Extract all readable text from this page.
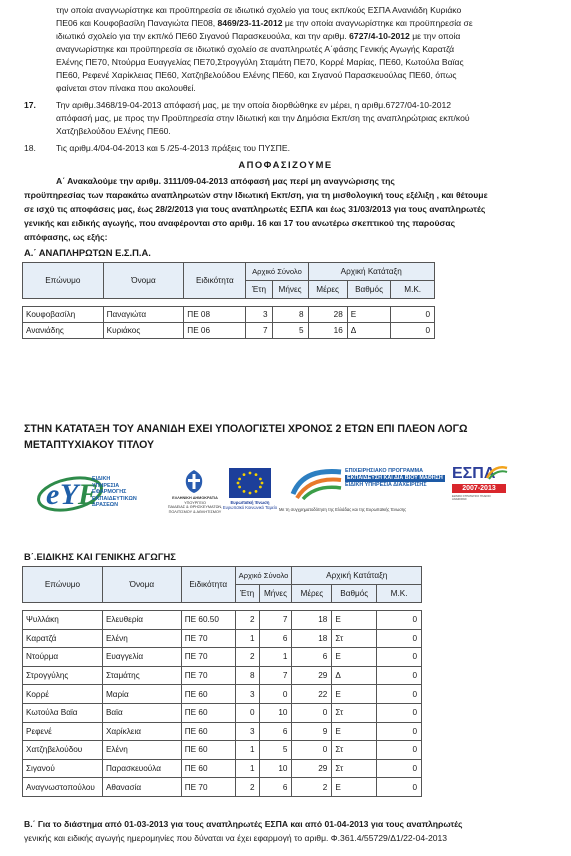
την οποία αναγνωρίστηκε και προϋπηρεσία σε ιδιωτικό σχολείο για τους εκπ/κούς ΕΣΠΑ Ανανιάδη Κυριάκο
ΠΕ06 και Κουφοβασίλη Παναγιώτα ΠΕ08, 8469/23-11-2012 με την οποία αναγνωρίστηκε και προϋπηρεσία σε
ιδιωτικό σχολείο για την εκπ/κό ΠΕ60 Σιγανού Παρασκευούλα, και την αριθμ. 6727/4-10-2012 με την οποία
αναγνωρίστηκε και προϋπηρεσία σε ιδιωτικό σχολείο σε αναπληρωτές Α΄φάσης Γενικής Αγωγής Καρατζά
Ελένης ΠΕ70, Ντούρμα Ευαγγελίας ΠΕ70,Στρογγύλη Σταμάτη ΠΕ70, Κορρέ Μαρίας, ΠΕ60, Κωτούλα Βαϊας
ΠΕ60, Ρεφενέ Χαρίκλειας ΠΕ60, Χατζηβελούδου Ελένης ΠΕ60, και Σιγανού Παρασκευούλας ΠΕ60, όπως
φαίνεται στον πίνακα που ακολουθεί.
17. Την αριθμ.3468/19-04-2013 απόφασή μας, με την οποία διορθώθηκε εν μέρει, η αριθμ.6727/04-10-2012
απόφασή μας, με προς την Προϋπηρεσία στην Ιδιωτική και την Δημόσια Εκπ/ση της αναπληρώτριας εκπ/κού
Χατζηβελούδου Ελένης ΠΕ60.
18. Τις αριθμ.4/04-04-2013 και 5 /25-4-2013 πράξεις του ΠΥΣΠΕ.
ΑΠΟΦΑΣΙΖΟΥΜΕ
Α΄ Ανακαλούμε την αριθμ. 3111/09-04-2013 απόφασή μας περί μη αναγνώρισης της
προϋπηρεσίας των παρακάτω αναπληρωτών στην Ιδιωτική Εκπ/ση, για τη μισθολογική τους εξέλιξη , και θέτουμε
σε ισχύ τις αποφάσεις μας, έως 28/2/2013 για τους αναπληρωτές ΕΣΠΑ και έως 31/03/2013 για τους αναπληρωτές
γενικής και ειδικής αγωγής, που αναφέρονται στο αριθμ. 16 και 17 του ανωτέρω σκεπτικού της παρούσας
απόφασης, ως εξής:
Α.΄ ΑΝΑΠΛΗΡΩΤΩΝ Ε.Σ.Π.Α.
Επώνυμο	Όνομα	Ειδικότητα	Αρχικό Σύνολο		Αρχική Κατάταξη		
			Έτη	Μήνες	Μέρες	Βαθμός	Μ.Κ.

Κουφοβασίλη	Παναγιώτα	ΠΕ 08	3	8	28	Ε	0
Ανανιάδης	Κυριάκος	ΠΕ 06	7	5	16	Δ	0
ΣΤΗΝ ΚΑΤΑΤΑΞΗ ΤΟΥ ΑΝΑΝΙΔΗ ΕΧΕΙ ΥΠΟΛΟΓΙΣΤΕΙ ΧΡΟΝΟΣ 2 ΕΤΩΝ ΕΠΙ ΠΛΕΟΝ ΛΟΓΩ
ΜΕΤΑΠΤΥΧΙΑΚΟΥ ΤΙΤΛΟΥ
e Υ Ε
ΕΙΔΙΚΗ
ΥΠΗΡΕΣΙΑ
ΕΦΑΡΜΟΓΗΣ
ΕΚΠΑΙΔΕΥΤΙΚΩΝ
ΔΡΑΣΕΩΝ
ΕΛΛΗΝΙΚΗ ΔΗΜΟΚΡΑΤΙΑ
ΥΠΟΥΡΓΕΙΟ
ΠΑΙΔΕΙΑΣ & ΘΡΗΣΚΕΥΜΑΤΩΝ,
ΠΟΛΙΤΙΣΜΟΥ & ΑΘΛΗΤΙΣΜΟΥ
Ευρωπαϊκή Ένωση
Ευρωπαϊκό Κοινωνικό Ταμείο
ΕΠΙΧΕΙΡΗΣΙΑΚΟ ΠΡΟΓΡΑΜΜΑ
ΕΚΠΑΙΔΕΥΣΗ ΚΑΙ ΔΙΑ ΒΙΟΥ ΜΑΘΗΣΗ
ΕΙΔΙΚΗ ΥΠΗΡΕΣΙΑ ΔΙΑΧΕΙΡΙΣΗΣ
Με τη συγχρηματοδότηση της Ελλάδας και της Ευρωπαϊκής Ένωσης
ΕΣΠΑ
2007-2013
ΕΘΝΙΚΟ ΣΤΡΑΤΗΓΙΚΟ ΠΛΑΙΣΙΟ ΑΝΑΦΟΡΑΣ
Β΄.ΕΙΔΙΚΗΣ ΚΑΙ ΓΕΝΙΚΗΣ ΑΓΩΓΗΣ
Επώνυμο	Όνομα	Ειδικότητα	Αρχικό Σύνολο		Αρχική Κατάταξη		
			Έτη	Μήνες	Μέρες	Βαθμός	Μ.Κ.

Ψυλλάκη	Ελευθερία	ΠΕ 60.50	2	7	18	Ε	0
Καρατζά	Ελένη	ΠΕ 70	1	6	18	Στ	0
Ντούρμα	Ευαγγελία	ΠΕ 70	2	1	6	Ε	0
Στρογγύλης	Σταμάτης	ΠΕ 70	8	7	29	Δ	0
Κορρέ	Μαρία	ΠΕ 60	3	0	22	Ε	0
Κωτούλα Βαϊα	Βαϊα	ΠΕ 60	0	10	0	Στ	0
Ρεφενέ	Χαρίκλεια	ΠΕ 60	3	6	9	Ε	0
Χατζηβελούδου	Ελένη	ΠΕ 60	1	5	0	Στ	0
Σιγανού	Παρασκευούλα	ΠΕ 60	1	10	29	Στ	0
Αναγνωστοπούλου	Αθανασία	ΠΕ 70	2	6	2	Ε	0
Β.΄ Για το διάστημα από 01-03-2013 για τους αναπληρωτές ΕΣΠΑ και από 01-04-2013 για τους αναπληρωτές
γενικής και ειδικής αγωγής ημερομηνίες που δύναται να έχει εφαρμογή το αριθμ. Φ.361.4/55729/Δ1/22-04-2013
